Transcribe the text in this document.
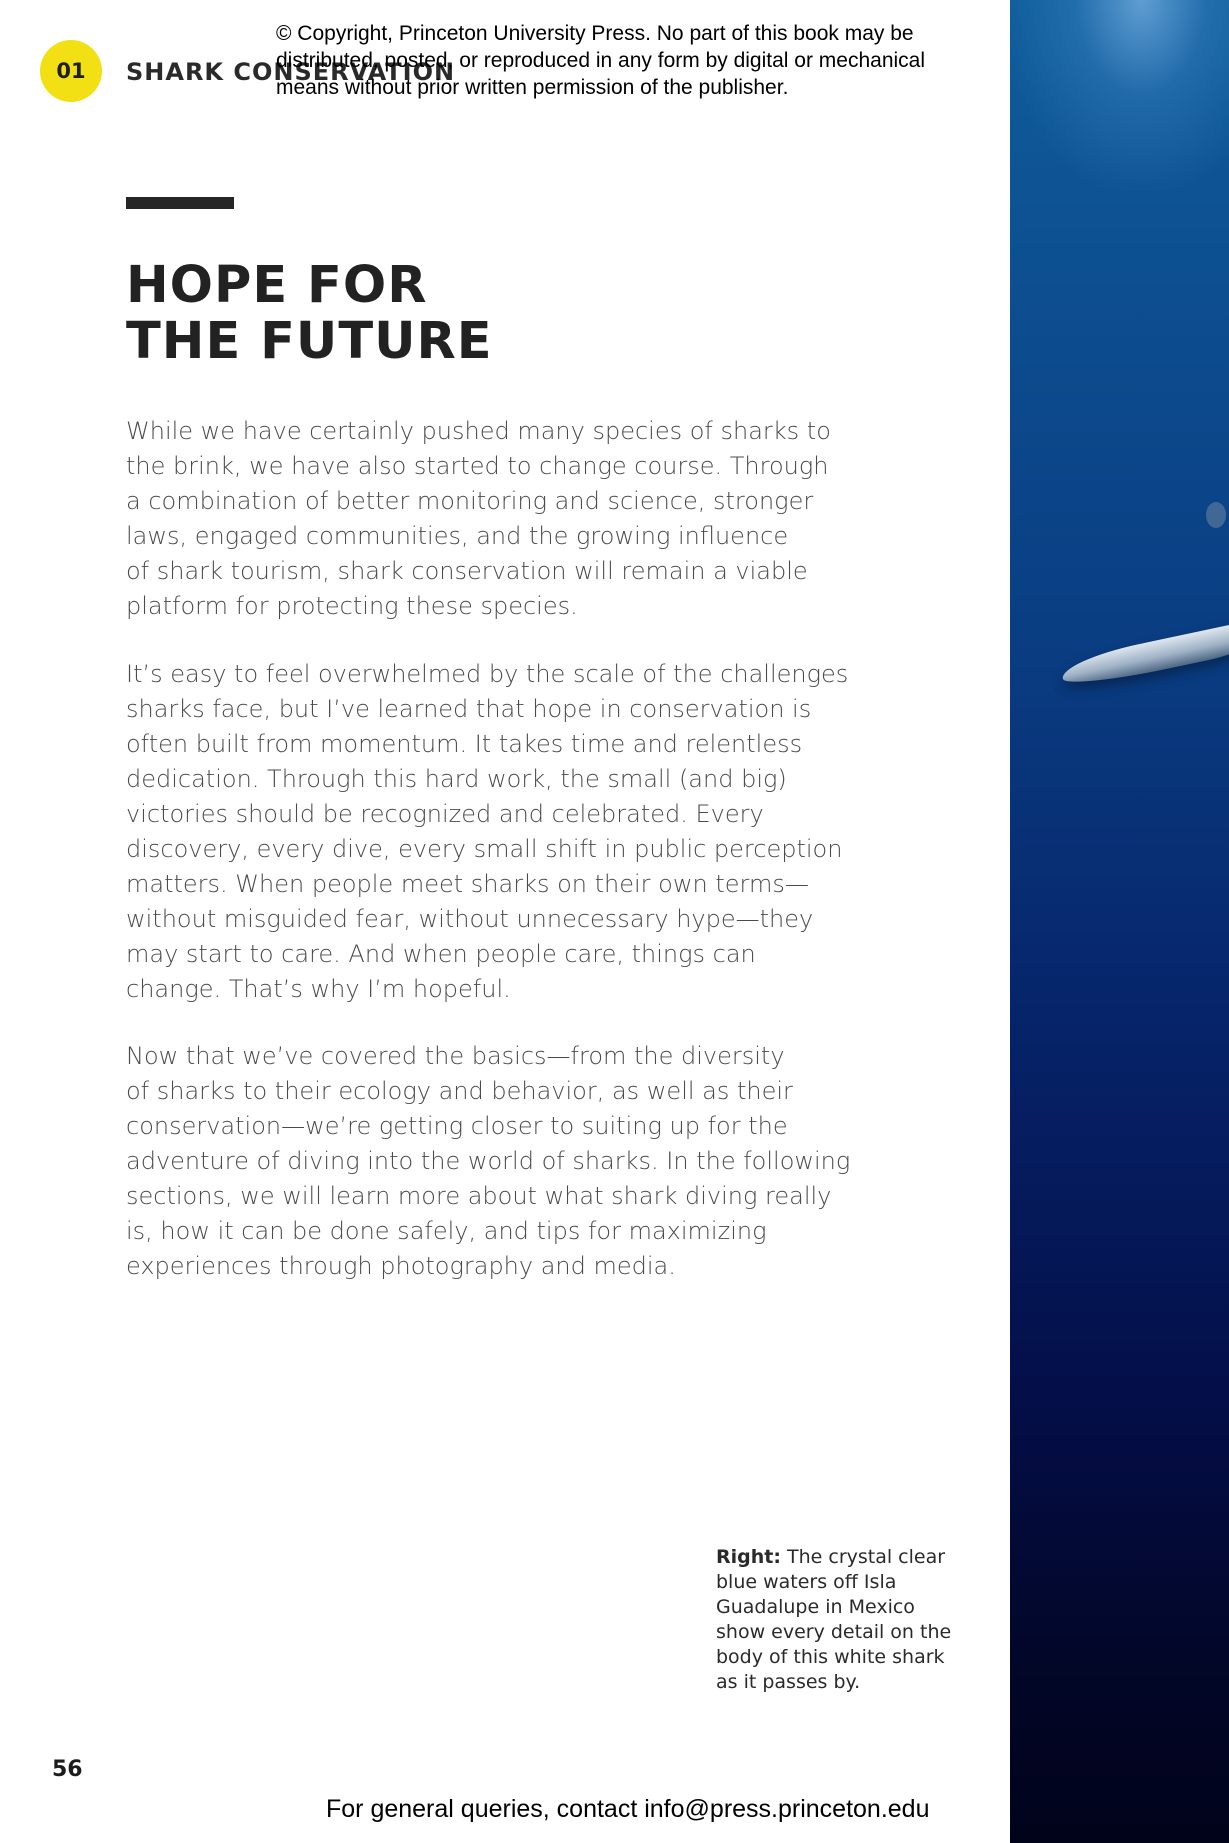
01	SHARK CONSERVATION
© Copyright, Princeton University Press. No part of this book may be
distributed, posted, or reproduced in any form by digital or mechanical
means without prior written permission of the publisher.
HOPE FOR
THE FUTURE

While we have certainly pushed many species of sharks to
the brink, we have also started to change course. Through
a combination of better monitoring and science, stronger
laws, engaged communities, and the growing influence
of shark tourism, shark conservation will remain a viable
platform for protecting these species.

It’s easy to feel overwhelmed by the scale of the challenges
sharks face, but I’ve learned that hope in conservation is
often built from momentum. It takes time and relentless
dedication. Through this hard work, the small (and big)
victories should be recognized and celebrated. Every
discovery, every dive, every small shift in public perception
matters. When people meet sharks on their own terms—
without misguided fear, without unnecessary hype—they
may start to care. And when people care, things can
change. That’s why I’m hopeful.

Now that we’ve covered the basics—from the diversity
of sharks to their ecology and behavior, as well as their
conservation—we’re getting closer to suiting up for the
adventure of diving into the world of sharks. In the following
sections, we will learn more about what shark diving really
is, how it can be done safely, and tips for maximizing
experiences through photography and media.

Right: The crystal clear
blue waters off Isla
Guadalupe in Mexico
show every detail on the
body of this white shark
as it passes by.
56
For general queries, contact info@press.princeton.edu
